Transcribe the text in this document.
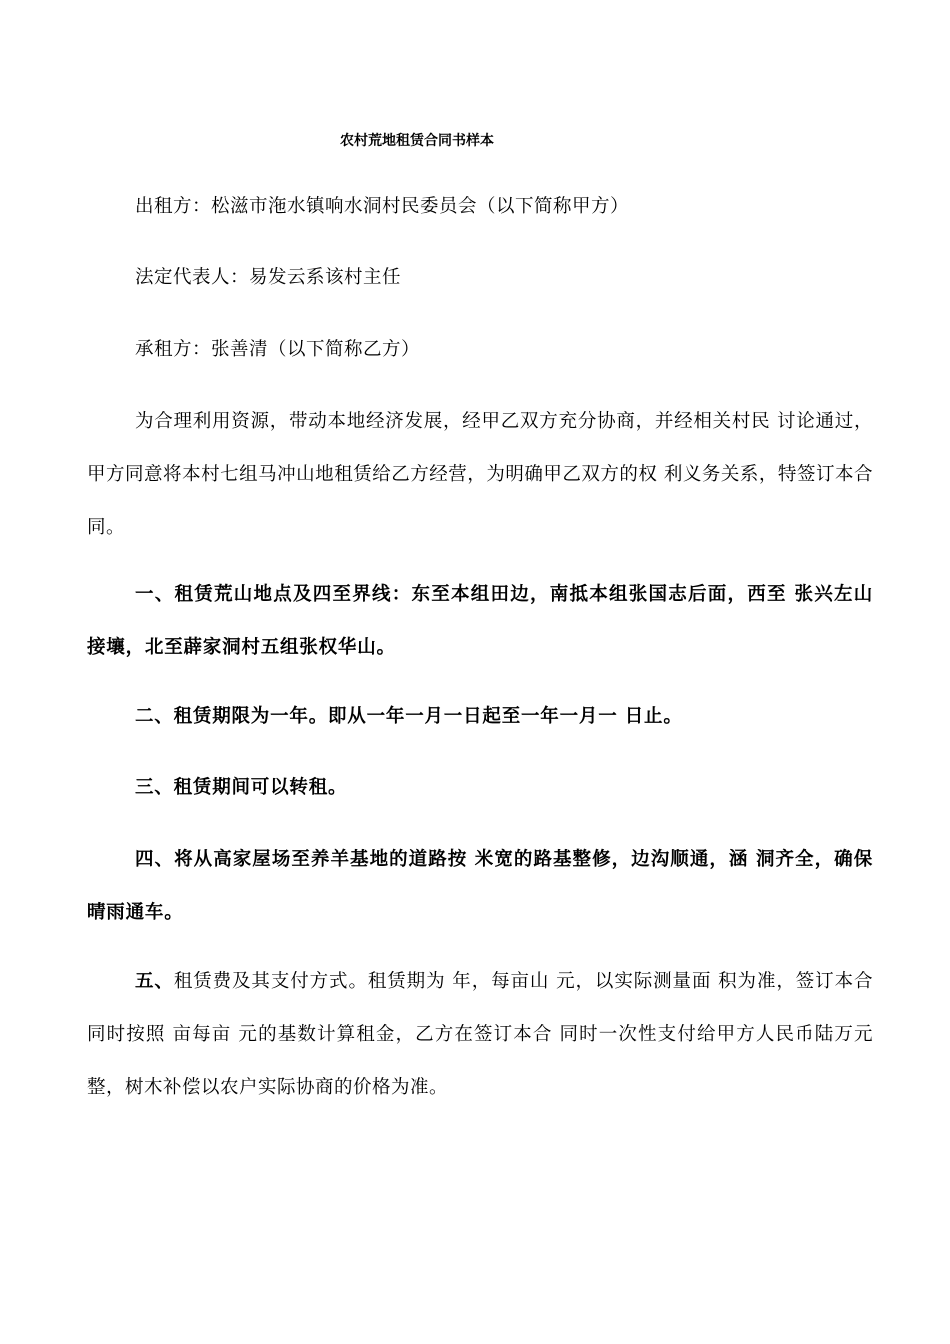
农村荒地租赁合同书样本

出租方：松滋市沲水镇响水洞村民委员会（以下简称甲方）

法定代表人：易发云系该村主任

承租方：张善清（以下简称乙方）

为合理利用资源，带动本地经济发展，经甲乙双方充分协商，并经相关村民 讨论通过，甲方同意将本村七组马冲山地租赁给乙方经营，为明确甲乙双方的权 利义务关系，特签订本合同。

一、租赁荒山地点及四至界线：东至本组田边，南抵本组张国志后面，西至 张兴左山接壤，北至薜家洞村五组张权华山。

二、租赁期限为一年。即从一年一月一日起至一年一月一 日止。

三、租赁期间可以转租。

四、将从高家屋场至养羊基地的道路按 米宽的路基整修，边沟顺通，涵 洞齐全，确保晴雨通车。

五、租赁费及其支付方式。租赁期为 年，每亩山 元，以实际测量面 积为准，签订本合同时按照 亩每亩 元的基数计算租金，乙方在签订本合 同时一次性支付给甲方人民币陆万元整，树木补偿以农户实际协商的价格为准。
